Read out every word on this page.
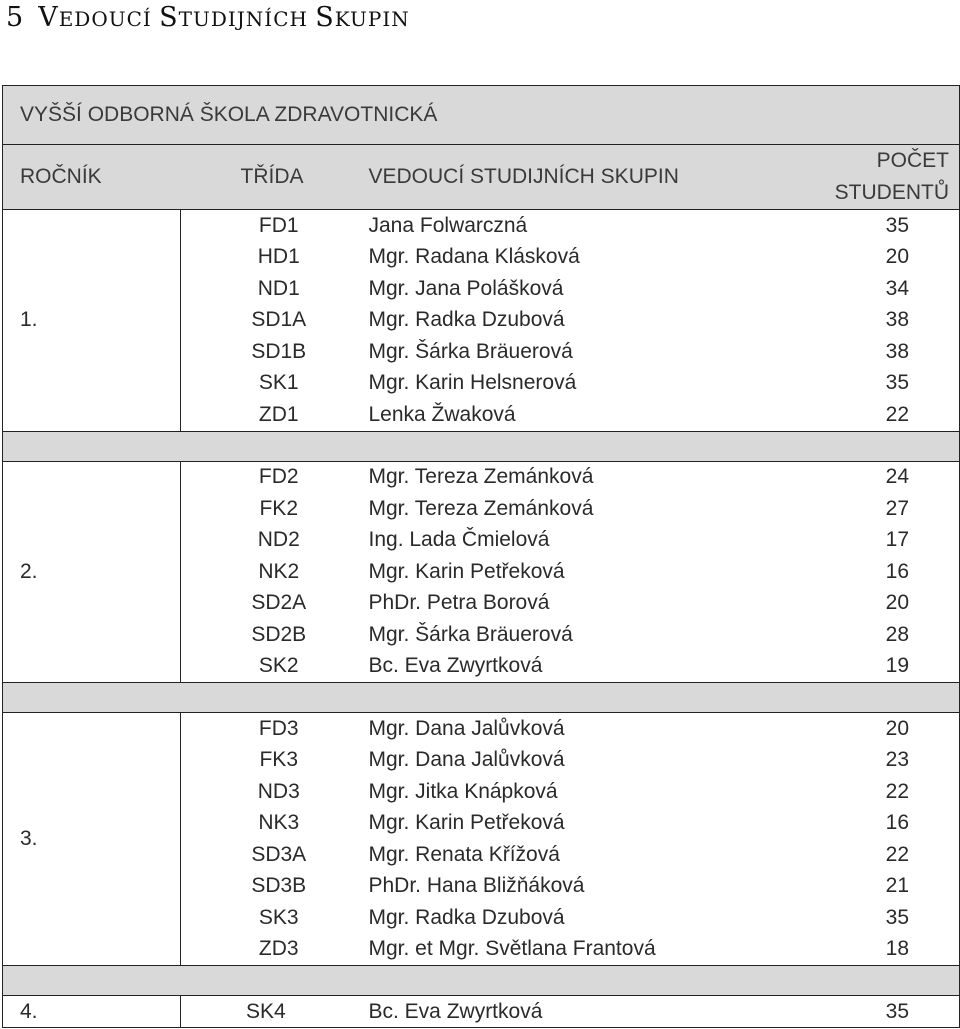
5 VEDOUCÍ STUDIJNÍCH SKUPIN
VYŠŠÍ ODBORNÁ ŠKOLA ZDRAVOTNICKÁ			
ROČNÍK	TŘÍDA	VEDOUCÍ STUDIJNÍCH SKUPIN	POČET STUDENTŮ
1.	FD1	Jana Folwarczná	35
	HD1	Mgr. Radana Klásková	20
	ND1	Mgr. Jana Polášková	34
	SD1A	Mgr. Radka Dzubová	38
	SD1B	Mgr. Šárka Bräuerová	38
	SK1	Mgr. Karin Helsnerová	35
	ZD1	Lenka Žwaková	22

2.	FD2	Mgr. Tereza Zemánková	24
	FK2	Mgr. Tereza Zemánková	27
	ND2	Ing. Lada Čmielová	17
	NK2	Mgr. Karin Petřeková	16
	SD2A	PhDr. Petra Borová	20
	SD2B	Mgr. Šárka Bräuerová	28
	SK2	Bc. Eva Zwyrtková	19

3.	FD3	Mgr. Dana Jalůvková	20
	FK3	Mgr. Dana Jalůvková	23
	ND3	Mgr. Jitka Knápková	22
	NK3	Mgr. Karin Petřeková	16
	SD3A	Mgr. Renata Křížová	22
	SD3B	PhDr. Hana Bližňáková	21
	SK3	Mgr. Radka Dzubová	35
	ZD3	Mgr. et Mgr. Světlana Frantová	18

4.	SK4	Bc. Eva Zwyrtková	35
